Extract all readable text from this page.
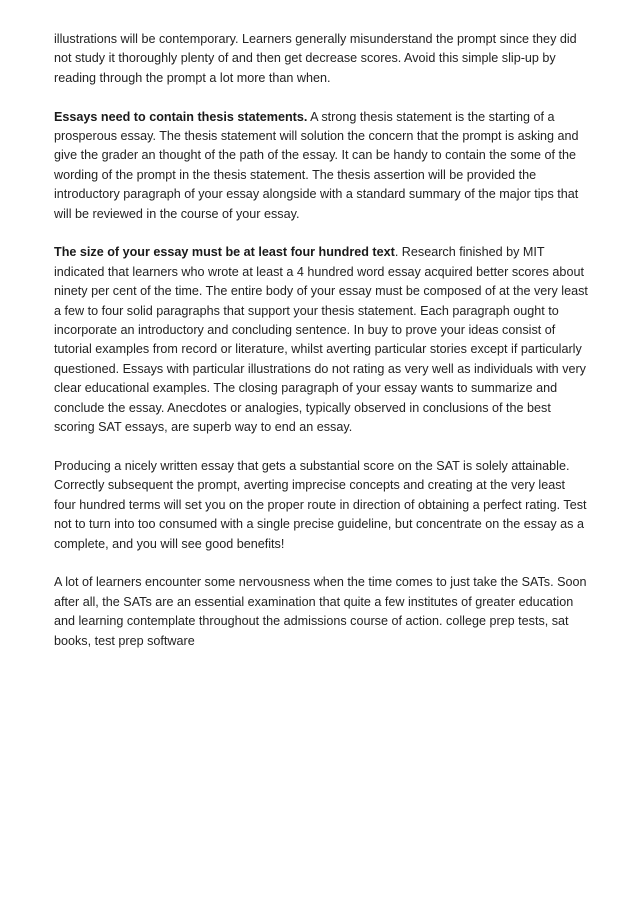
illustrations will be contemporary. Learners generally misunderstand the prompt since they did not study it thoroughly plenty of and then get decrease scores. Avoid this simple slip-up by reading through the prompt a lot more than when.

Essays need to contain thesis statements. A strong thesis statement is the starting of a prosperous essay. The thesis statement will solution the concern that the prompt is asking and give the grader an thought of the path of the essay. It can be handy to contain the some of the wording of the prompt in the thesis statement. The thesis assertion will be provided the introductory paragraph of your essay alongside with a standard summary of the major tips that will be reviewed in the course of your essay.

The size of your essay must be at least four hundred text. Research finished by MIT indicated that learners who wrote at least a 4 hundred word essay acquired better scores about ninety per cent of the time. The entire body of your essay must be composed of at the very least a few to four solid paragraphs that support your thesis statement. Each paragraph ought to incorporate an introductory and concluding sentence. In buy to prove your ideas consist of tutorial examples from record or literature, whilst averting particular stories except if particularly questioned. Essays with particular illustrations do not rating as very well as individuals with very clear educational examples. The closing paragraph of your essay wants to summarize and conclude the essay. Anecdotes or analogies, typically observed in conclusions of the best scoring SAT essays, are superb way to end an essay.

Producing a nicely written essay that gets a substantial score on the SAT is solely attainable. Correctly subsequent the prompt, averting imprecise concepts and creating at the very least four hundred terms will set you on the proper route in direction of obtaining a perfect rating. Test not to turn into too consumed with a single precise guideline, but concentrate on the essay as a complete, and you will see good benefits!

A lot of learners encounter some nervousness when the time comes to just take the SATs. Soon after all, the SATs are an essential examination that quite a few institutes of greater education and learning contemplate throughout the admissions course of action. college prep tests, sat books, test prep software
